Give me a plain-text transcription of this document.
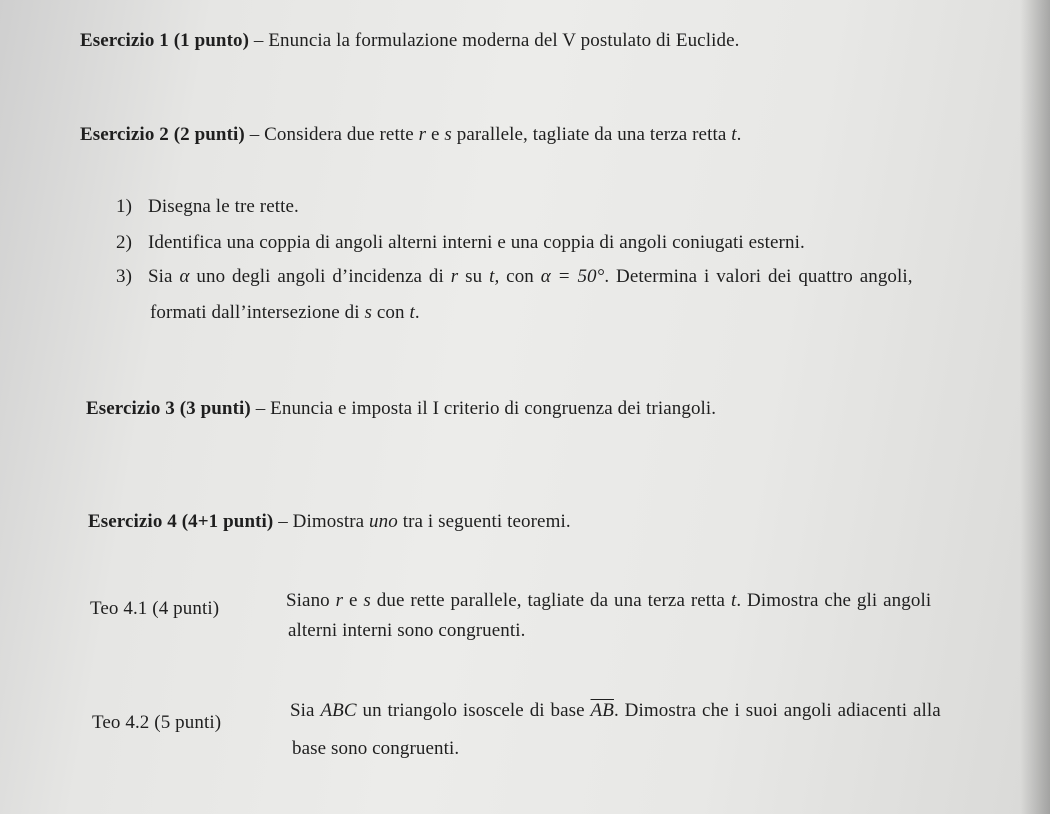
Esercizio 1 (1 punto) – Enuncia la formulazione moderna del V postulato di Euclide.
Esercizio 2 (2 punti) – Considera due rette r e s parallele, tagliate da una terza retta t.
1) Disegna le tre rette.
2) Identifica una coppia di angoli alterni interni e una coppia di angoli coniugati esterni.
3) Sia α uno degli angoli d’incidenza di r su t, con α = 50°. Determina i valori dei quattro angoli,
formati dall’intersezione di s con t.
Esercizio 3 (3 punti) – Enuncia e imposta il I criterio di congruenza dei triangoli.
Esercizio 4 (4+1 punti) – Dimostra uno tra i seguenti teoremi.
Teo 4.1 (4 punti)	Siano r e s due rette parallele, tagliate da una terza retta t. Dimostra che gli angoli
alterni interni sono congruenti.
Teo 4.2 (5 punti)
Sia ABC un triangolo isoscele di base $\overline{AB}$. Dimostra che i suoi angoli adiacenti alla
base sono congruenti.
